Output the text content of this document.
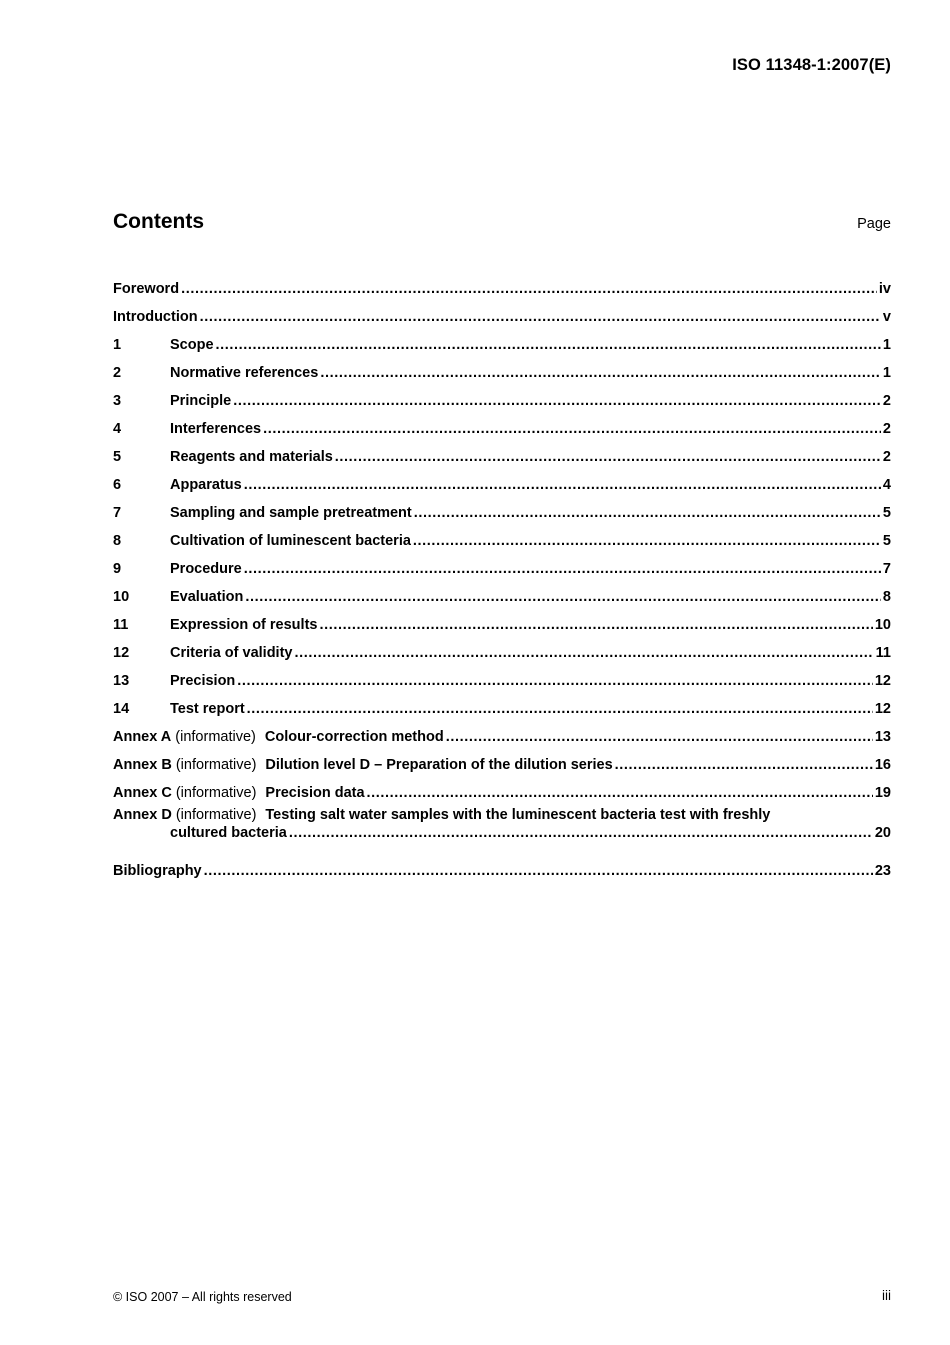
ISO 11348-1:2007(E)
Contents	Page
Foreword .....	iv
Introduction .....	v
1	Scope .....	1
2	Normative references .....	1
3	Principle .....	2
4	Interferences .....	2
5	Reagents and materials .....	2
6	Apparatus .....	4
7	Sampling and sample pretreatment .....	5
8	Cultivation of luminescent bacteria .....	5
9	Procedure .....	7
10	Evaluation .....	8
11	Expression of results .....	10
12	Criteria of validity .....	11
13	Precision .....	12
14	Test report .....	12
Annex A (informative) Colour-correction method .....	13
Annex B (informative) Dilution level D – Preparation of the dilution series .....	16
Annex C (informative) Precision data .....	19
Annex D (informative) Testing salt water samples with the luminescent bacteria test with freshly
cultured bacteria .....	20
Bibliography .....	23
© ISO 2007 – All rights reserved	iii
